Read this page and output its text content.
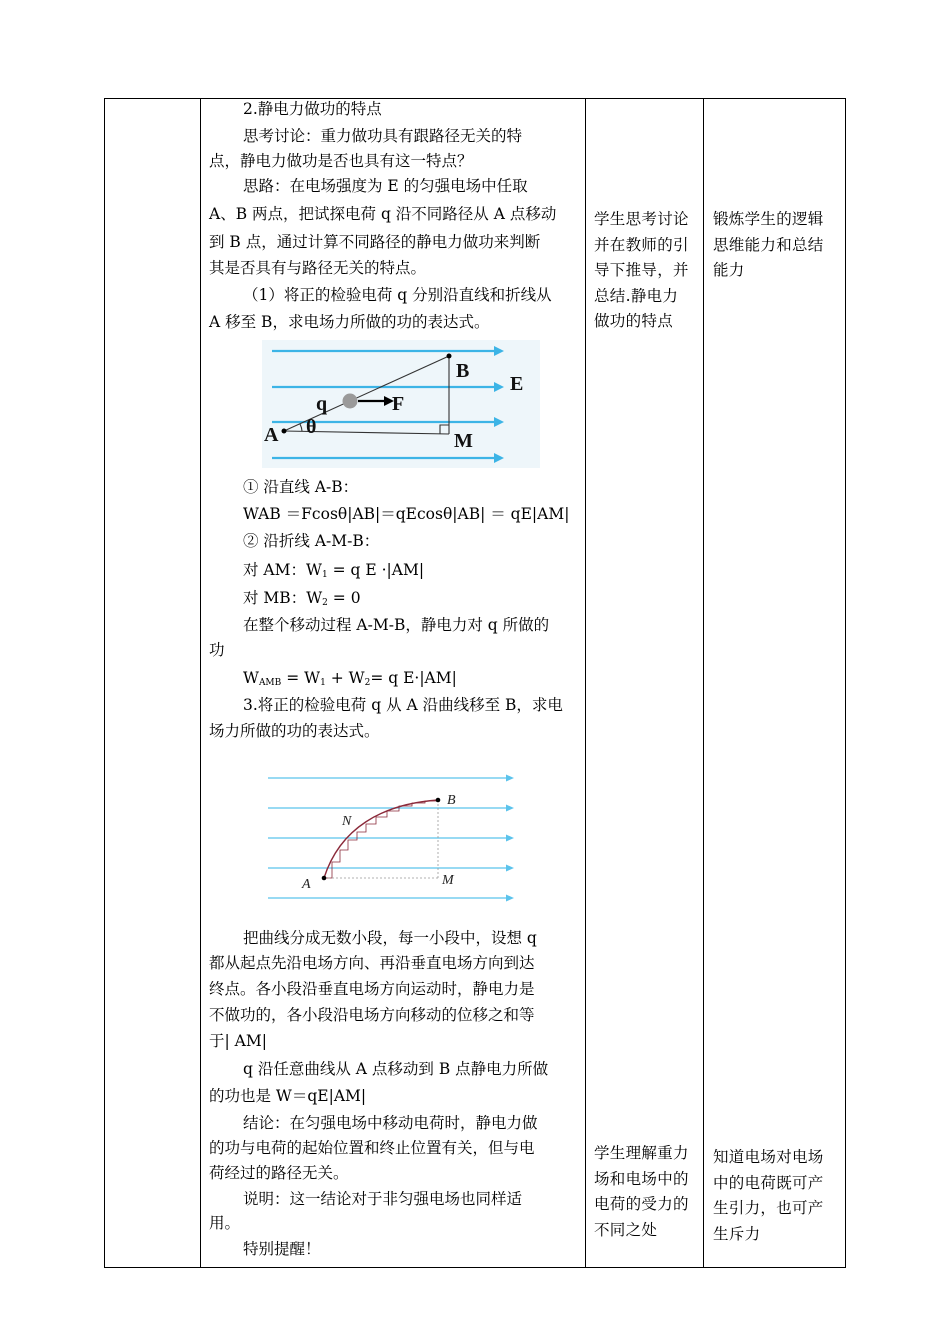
2.静电力做功的特点
思考讨论：重力做功具有跟路径无关的特
点，静电力做功是否也具有这一特点？
思路：在电场强度为 E 的匀强电场中任取
A、B 两点，把试探电荷 q 沿不同路径从 A 点移动
到 B 点，通过计算不同路径的静电力做功来判断
其是否具有与路径无关的特点。
（1）将正的检验电荷 q 分别沿直线和折线从
A 移至 B，求电场力所做的功的表达式。
B
E
q	F
A θ
M
① 沿直线 A-B：
WAB ＝Fcosθ|AB|＝qEcosθ|AB| ＝ qE|AM|
② 沿折线 A-M-B：
对 AM：$W_1 = q$ E ·|AM|
对 MB：$W_2 = 0$
在整个移动过程 A-M-B，静电力对 q 所做的
功
$W_{AMB} = W_1 + W_2= q$ E·|AM|
3.将正的检验电荷 q 从 A 沿曲线移至 B，求电
场力所做的功的表达式。
A
B
N
M
把曲线分成无数小段，每一小段中，设想 q
都从起点先沿电场方向、再沿垂直电场方向到达
终点。各小段沿垂直电场方向运动时，静电力是
不做功的，各小段沿电场方向移动的位移之和等
于| AM|
q 沿任意曲线从 A 点移动到 B 点静电力所做
的功也是 W＝qE|AM|
结论：在匀强电场中移动电荷时，静电力做
的功与电荷的起始位置和终止位置有关，但与电
荷经过的路径无关。
说明：这一结论对于非匀强电场也同样适
用。
特别提醒！
学生思考讨论
并在教师的引
导下推导，并
总结.静电力
做功的特点
学生理解重力
场和电场中的
电荷的受力的
不同之处
锻炼学生的逻辑
思维能力和总结
能力
知道电场对电场
中的电荷既可产
生引力，也可产
生斥力
